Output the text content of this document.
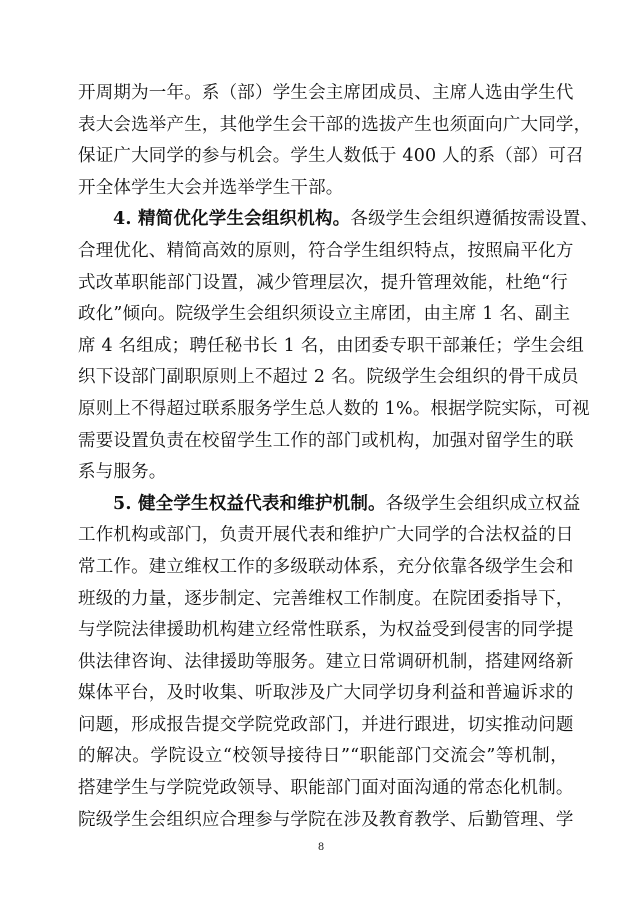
开周期为一年。系（部）学生会主席团成员、主席人选由学生代
表大会选举产生，其他学生会干部的选拔产生也须面向广大同学，
保证广大同学的参与机会。学生人数低于 400 人的系（部）可召
开全体学生大会并选举学生干部。
4. 精简优化学生会组织机构。各级学生会组织遵循按需设置、
合理优化、精简高效的原则，符合学生组织特点，按照扁平化方
式改革职能部门设置，减少管理层次，提升管理效能，杜绝“行
政化”倾向。院级学生会组织须设立主席团，由主席 1 名、副主
席 4 名组成；聘任秘书长 1 名，由团委专职干部兼任；学生会组
织下设部门副职原则上不超过 2 名。院级学生会组织的骨干成员
原则上不得超过联系服务学生总人数的 1%。根据学院实际，可视
需要设置负责在校留学生工作的部门或机构，加强对留学生的联
系与服务。
5. 健全学生权益代表和维护机制。各级学生会组织成立权益
工作机构或部门，负责开展代表和维护广大同学的合法权益的日
常工作。建立维权工作的多级联动体系，充分依靠各级学生会和
班级的力量，逐步制定、完善维权工作制度。在院团委指导下，
与学院法律援助机构建立经常性联系，为权益受到侵害的同学提
供法律咨询、法律援助等服务。建立日常调研机制，搭建网络新
媒体平台，及时收集、听取涉及广大同学切身利益和普遍诉求的
问题，形成报告提交学院党政部门，并进行跟进，切实推动问题
的解决。学院设立“校领导接待日”“职能部门交流会”等机制，
搭建学生与学院党政领导、职能部门面对面沟通的常态化机制。
院级学生会组织应合理参与学院在涉及教育教学、后勤管理、学
8
